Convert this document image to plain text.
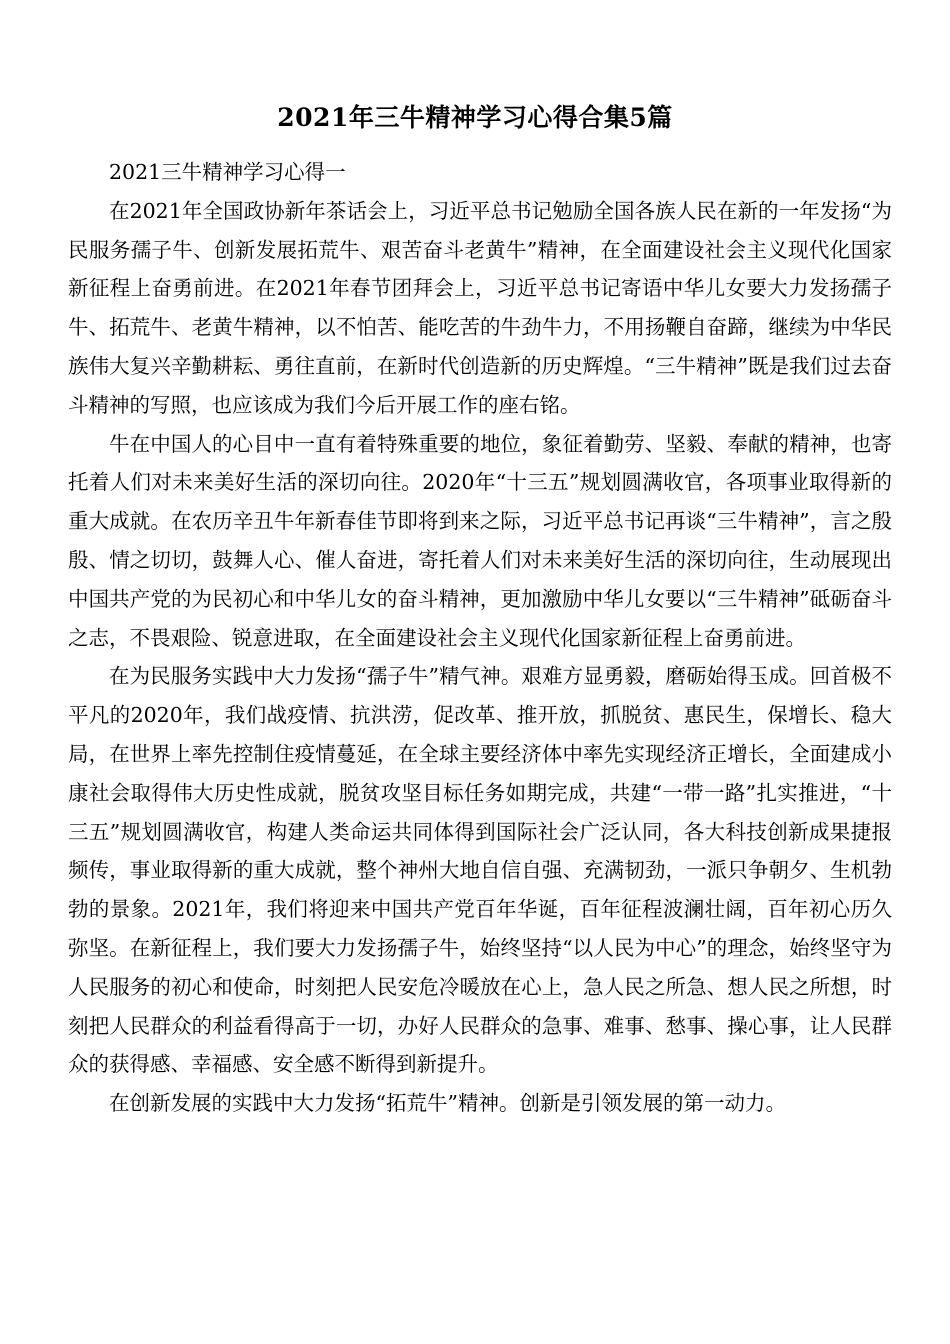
2021年三牛精神学习心得合集5篇

2021三牛精神学习心得一

在2021年全国政协新年茶话会上，习近平总书记勉励全国各族人民在新的一年发扬“为民服务孺子牛、创新发展拓荒牛、艰苦奋斗老黄牛”精神，在全面建设社会主义现代化国家新征程上奋勇前进。在2021年春节团拜会上，习近平总书记寄语中华儿女要大力发扬孺子牛、拓荒牛、老黄牛精神，以不怕苦、能吃苦的牛劲牛力，不用扬鞭自奋蹄，继续为中华民族伟大复兴辛勤耕耘、勇往直前，在新时代创造新的历史辉煌。“三牛精神”既是我们过去奋斗精神的写照，也应该成为我们今后开展工作的座右铭。

牛在中国人的心目中一直有着特殊重要的地位，象征着勤劳、坚毅、奉献的精神，也寄托着人们对未来美好生活的深切向往。2020年“十三五”规划圆满收官，各项事业取得新的重大成就。在农历辛丑牛年新春佳节即将到来之际，习近平总书记再谈“三牛精神”，言之殷殷、情之切切，鼓舞人心、催人奋进，寄托着人们对未来美好生活的深切向往，生动展现出中国共产党的为民初心和中华儿女的奋斗精神，更加激励中华儿女要以“三牛精神”砥砺奋斗之志，不畏艰险、锐意进取，在全面建设社会主义现代化国家新征程上奋勇前进。

在为民服务实践中大力发扬“孺子牛”精气神。艰难方显勇毅，磨砺始得玉成。回首极不平凡的2020年，我们战疫情、抗洪涝，促改革、推开放，抓脱贫、惠民生，保增长、稳大局，在世界上率先控制住疫情蔓延，在全球主要经济体中率先实现经济正增长，全面建成小康社会取得伟大历史性成就，脱贫攻坚目标任务如期完成，共建“一带一路”扎实推进，“十三五”规划圆满收官，构建人类命运共同体得到国际社会广泛认同，各大科技创新成果捷报频传，事业取得新的重大成就，整个神州大地自信自强、充满韧劲，一派只争朝夕、生机勃勃的景象。2021年，我们将迎来中国共产党百年华诞，百年征程波澜壮阔，百年初心历久弥坚。在新征程上，我们要大力发扬孺子牛，始终坚持“以人民为中心”的理念，始终坚守为人民服务的初心和使命，时刻把人民安危冷暖放在心上，急人民之所急、想人民之所想，时刻把人民群众的利益看得高于一切，办好人民群众的急事、难事、愁事、操心事，让人民群众的获得感、幸福感、安全感不断得到新提升。

在创新发展的实践中大力发扬“拓荒牛”精神。创新是引领发展的第一动力。
